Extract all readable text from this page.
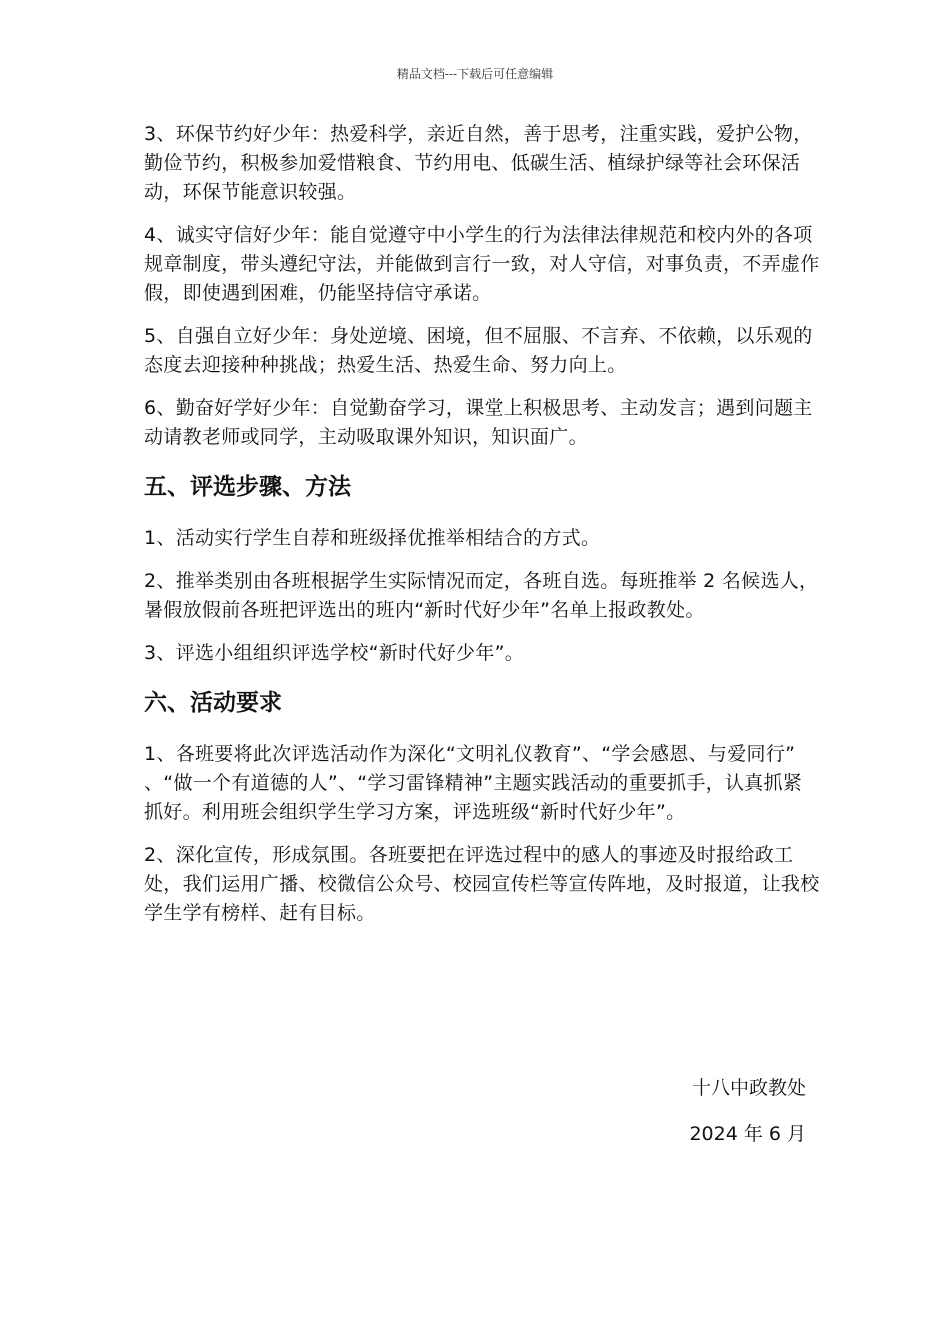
精品文档---下载后可任意编辑

3、环保节约好少年：热爱科学，亲近自然，善于思考，注重实践，爱护公物，勤俭节约，积极参加爱惜粮食、节约用电、低碳生活、植绿护绿等社会环保活动，环保节能意识较强。

4、诚实守信好少年：能自觉遵守中小学生的行为法律法律规范和校内外的各项规章制度，带头遵纪守法，并能做到言行一致，对人守信，对事负责，不弄虚作假，即使遇到困难，仍能坚持信守承诺。

5、自强自立好少年：身处逆境、困境，但不屈服、不言弃、不依赖，以乐观的态度去迎接种种挑战；热爱生活、热爱生命、努力向上。

6、勤奋好学好少年：自觉勤奋学习，课堂上积极思考、主动发言；遇到问题主动请教老师或同学，主动吸取课外知识，知识面广。

五、评选步骤、方法

1、活动实行学生自荐和班级择优推举相结合的方式。

2、推举类别由各班根据学生实际情况而定，各班自选。每班推举 2 名候选人，暑假放假前各班把评选出的班内“新时代好少年”名单上报政教处。

3、评选小组组织评选学校“新时代好少年”。

六、活动要求

1、各班要将此次评选活动作为深化“文明礼仪教育”、“学会感恩、与爱同行” 、“做一个有道德的人”、“学习雷锋精神”主题实践活动的重要抓手，认真抓紧抓好。利用班会组织学生学习方案，评选班级“新时代好少年”。

2、深化宣传，形成氛围。各班要把在评选过程中的感人的事迹及时报给政工处，我们运用广播、校微信公众号、校园宣传栏等宣传阵地，及时报道，让我校学生学有榜样、赶有目标。

十八中政教处
2024 年 6 月
